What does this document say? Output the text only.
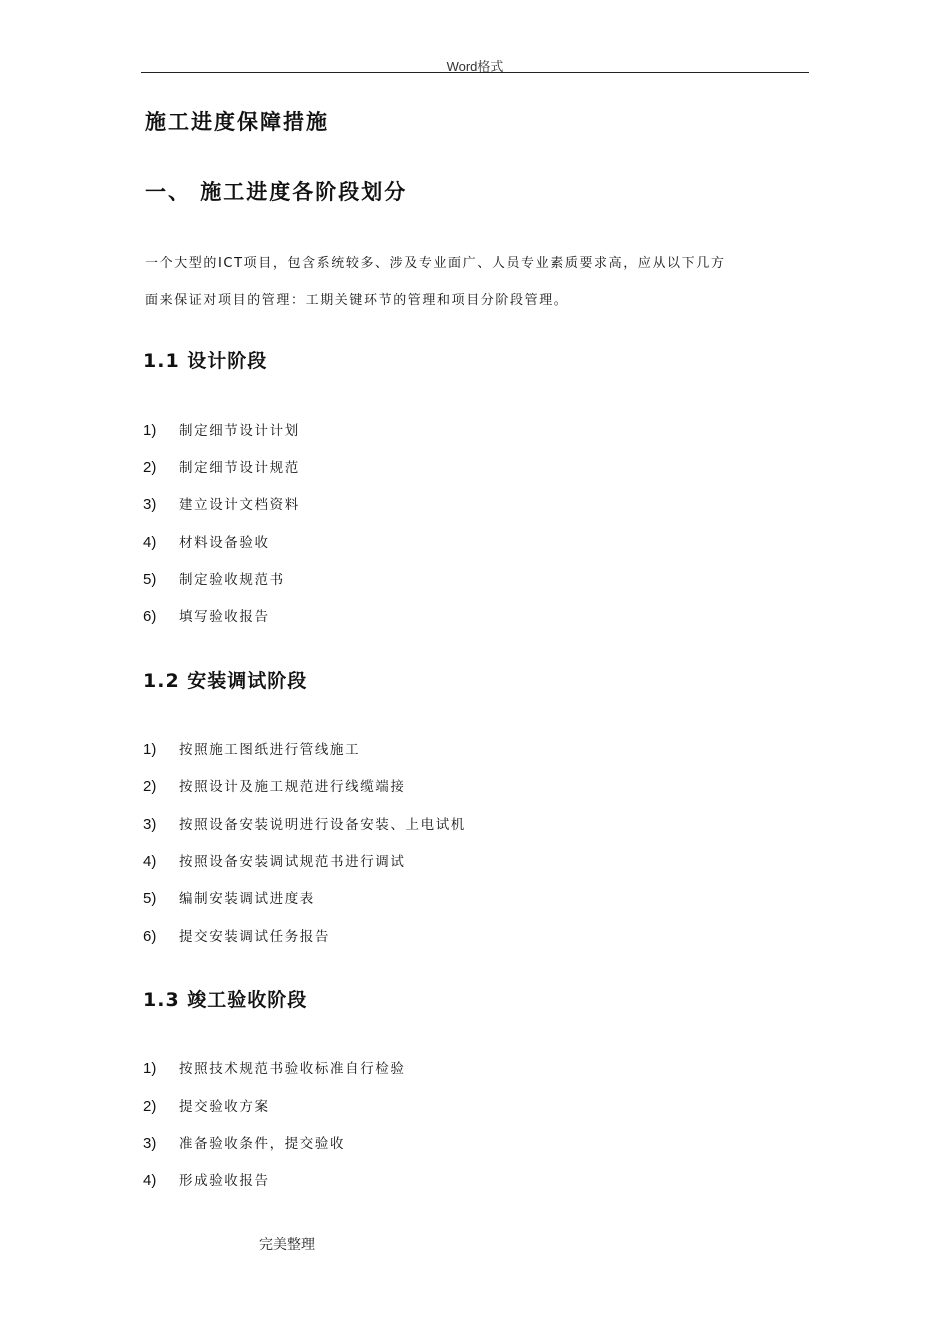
Word格式
施工进度保障措施
一、 施工进度各阶段划分
一个大型的ICT项目，包含系统较多、涉及专业面广、人员专业素质要求高，应从以下几方
面来保证对项目的管理：工期关键环节的管理和项目分阶段管理。
1.1 设计阶段
1) 制定细节设计计划
2) 制定细节设计规范
3) 建立设计文档资料
4) 材料设备验收
5) 制定验收规范书
6) 填写验收报告
1.2 安装调试阶段
1) 按照施工图纸进行管线施工
2) 按照设计及施工规范进行线缆端接
3) 按照设备安装说明进行设备安装、上电试机
4) 按照设备安装调试规范书进行调试
5) 编制安装调试进度表
6) 提交安装调试任务报告
1.3 竣工验收阶段
1) 按照技术规范书验收标准自行检验
2) 提交验收方案
3) 准备验收条件，提交验收
4) 形成验收报告
完美整理
